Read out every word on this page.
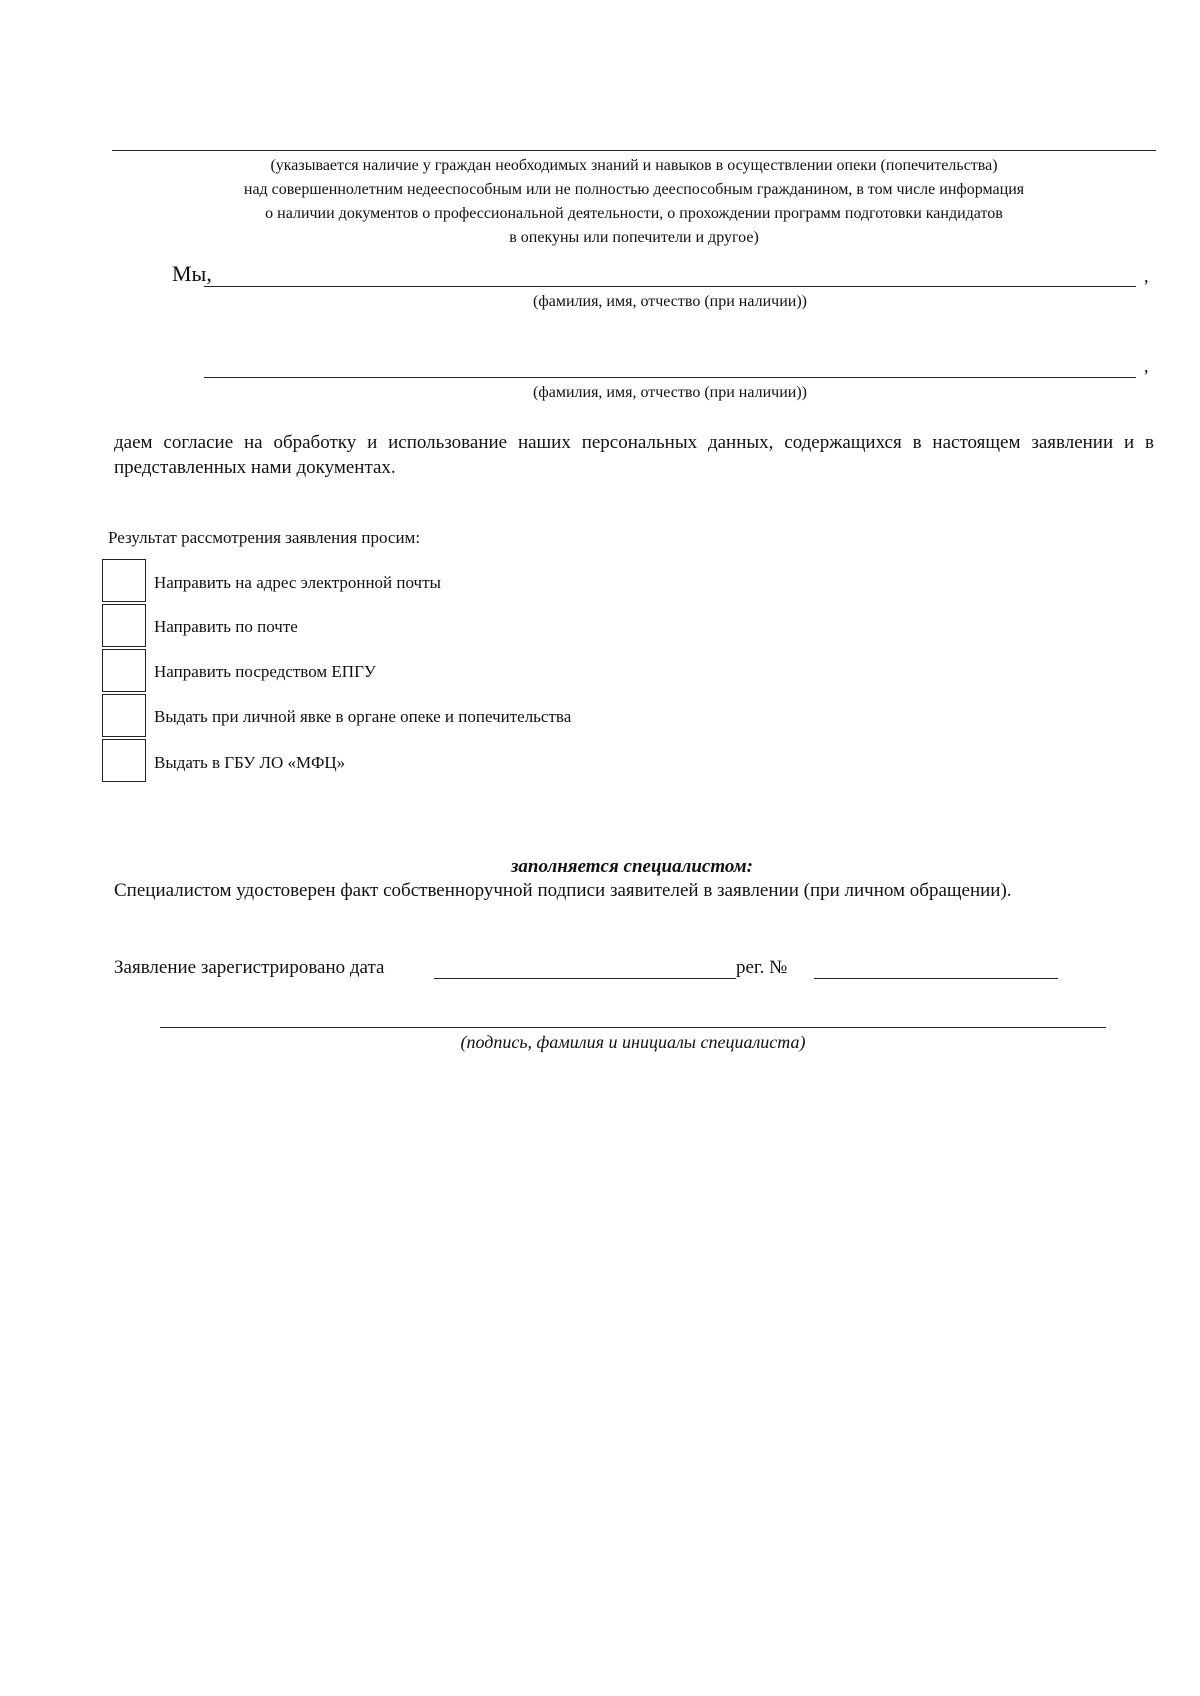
(указывается наличие у граждан необходимых знаний и навыков в осуществлении опеки (попечительства)
над совершеннолетним недееспособным или не полностью дееспособным гражданином, в том числе информация
о наличии документов о профессиональной деятельности, о прохождении программ подготовки кандидатов
в опекуны или попечители и другое)
Мы,	,
(фамилия, имя, отчество (при наличии))
,
(фамилия, имя, отчество (при наличии))
даем согласие на обработку и использование наших персональных данных, содержащихся в настоящем заявлении и в представленных нами документах.
Результат рассмотрения заявления просим:
Направить на адрес электронной почты
Направить по почте
Направить посредством ЕПГУ
Выдать при личной явке в органе опеке и попечительства
Выдать в ГБУ ЛО «МФЦ»
заполняется специалистом:
Специалистом удостоверен факт собственноручной подписи заявителей в заявлении (при личном обращении).
Заявление зарегистрировано дата	рег. №
(подпись, фамилия и инициалы специалиста)
